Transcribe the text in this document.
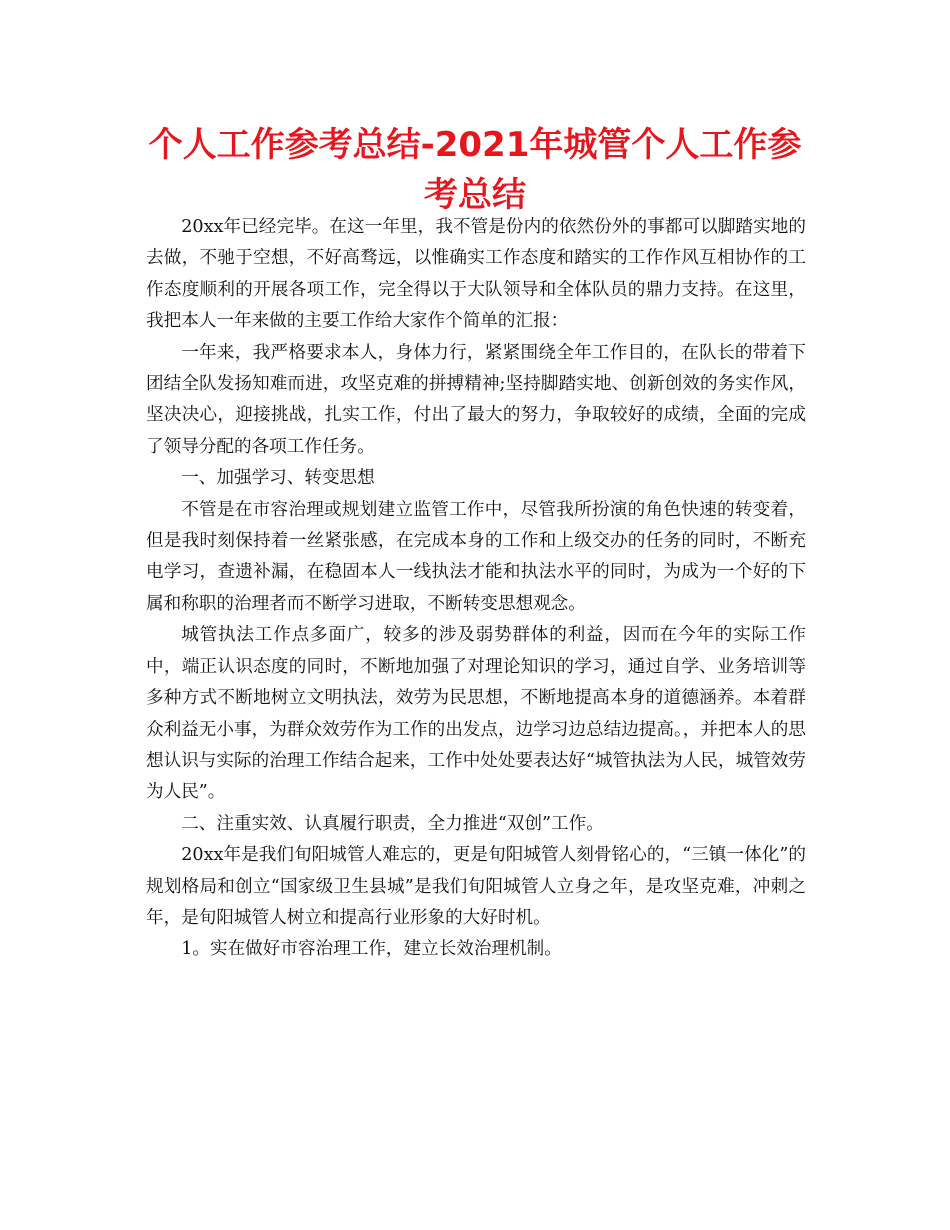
个人工作参考总结-2021年城管个人工作参考总结

20xx年已经完毕。在这一年里，我不管是份内的依然份外的事都可以脚踏实地的去做，不驰于空想，不好高骛远，以惟确实工作态度和踏实的工作作风互相协作的工作态度顺利的开展各项工作，完全得以于大队领导和全体队员的鼎力支持。在这里，我把本人一年来做的主要工作给大家作个简单的汇报：

一年来，我严格要求本人，身体力行，紧紧围绕全年工作目的，在队长的带着下团结全队发扬知难而进，攻坚克难的拼搏精神;坚持脚踏实地、创新创效的务实作风，坚决决心，迎接挑战，扎实工作，付出了最大的努力，争取较好的成绩，全面的完成了领导分配的各项工作任务。

一、加强学习、转变思想

不管是在市容治理或规划建立监管工作中，尽管我所扮演的角色快速的转变着，但是我时刻保持着一丝紧张感，在完成本身的工作和上级交办的任务的同时，不断充电学习，查遗补漏，在稳固本人一线执法才能和执法水平的同时，为成为一个好的下属和称职的治理者而不断学习进取，不断转变思想观念。

城管执法工作点多面广，较多的涉及弱势群体的利益，因而在今年的实际工作中，端正认识态度的同时，不断地加强了对理论知识的学习，通过自学、业务培训等多种方式不断地树立文明执法，效劳为民思想，不断地提高本身的道德涵养。本着群众利益无小事，为群众效劳作为工作的出发点，边学习边总结边提高。，并把本人的思想认识与实际的治理工作结合起来，工作中处处要表达好“城管执法为人民，城管效劳为人民”。

二、注重实效、认真履行职责，全力推进“双创”工作。

20xx年是我们旬阳城管人难忘的，更是旬阳城管人刻骨铭心的，“三镇一体化”的规划格局和创立“国家级卫生县城”是我们旬阳城管人立身之年，是攻坚克难，冲刺之年，是旬阳城管人树立和提高行业形象的大好时机。

1。实在做好市容治理工作，建立长效治理机制。
